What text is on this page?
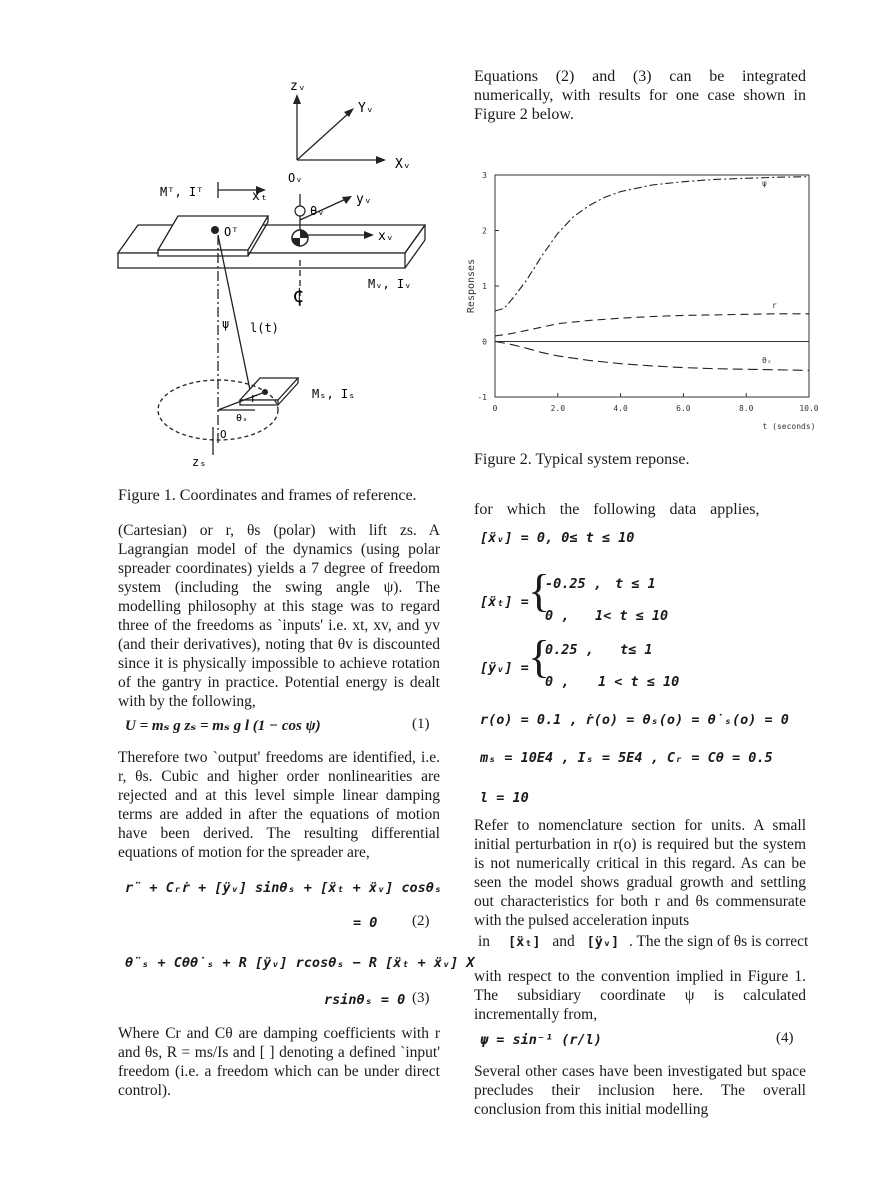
zᵥ
Yᵥ
Xᵥ
Mᵀ, Iᵀ	xₜ
Oᵥ
θᵥ
yᵥ
Oᵀ	xᵥ
¢	Mᵥ, Iᵥ
ψ l(t)
Mₛ, Iₛ
r
θₛ
O
zₛ
Figure 1. Coordinates and frames of reference.
(Cartesian) or r, θs (polar) with lift zs. A Lagrangian model of the dynamics (using polar spreader coordinates) yields a 7 degree of freedom system (including the swing angle ψ). The modelling philosophy at this stage was to regard three of the freedoms as `inputs' i.e. xt, xv, and yv (and their derivatives), noting that θv is discounted since it is physically impossible to achieve rotation of the gantry in practice. Potential energy is dealt with by the following,
U = mₛ g zₛ = mₛ g l (1 − cos ψ)	(1)
Therefore two `output' freedoms are identified, i.e. r, θs. Cubic and higher order nonlinearities are rejected and at this level simple linear damping terms are added in after the equations of motion have been derived. The resulting differential equations of motion for the spreader are,
r̈ + Cᵣṙ + [ÿᵥ] sinθₛ + [ẍₜ + ẍᵥ] cosθₛ
= 0 (2)
θ̈ₛ + Cθθ̇ₛ + R [ÿᵥ] rcosθₛ − R [ẍₜ + ẍᵥ] X
rsinθₛ = 0 (3)
Where Cr and Cθ are damping coefficients with r and θs, R = ms/Is and [ ] denoting a defined `input' freedom (i.e. a freedom which can be under direct control).
Equations (2) and (3) can be integrated numerically, with results for one case shown in Figure 2 below.
0	2.0	4.0	6.0	8.0	10.0
-1
0
1
2
3
Responses
t (seconds)
ψ
r
θₛ
Figure 2. Typical system reponse.
for which the following data applies,
[ẍᵥ] = 0, 0≤ t ≤ 10
[ẍₜ] = {
-0.25 , t ≤ 1
0 , 1< t ≤ 10
[ÿᵥ] = {
0.25 , t≤ 1
0 , 1 < t ≤ 10
r(o) = 0.1 , ṙ(o) = θₛ(o) = θ̇ₛ(o) = 0
mₛ = 10E4 , Iₛ = 5E4 , Cᵣ = Cθ = 0.5
l = 10
Refer to nomenclature section for units. A small initial perturbation in r(o) is required but the system is not numerically critical in this regard. As can be seen the model shows gradual growth and settling out characteristics for both r and θs commensurate with the pulsed acceleration inputs
in [ẍₜ] and [ÿᵥ] . The the sign of θs is correct
with respect to the convention implied in Figure 1. The subsidiary coordinate ψ is calculated incrementally from,
ψ = sin⁻¹ (r/l)	(4)
Several other cases have been investigated but space precludes their inclusion here. The overall conclusion from this initial modelling
